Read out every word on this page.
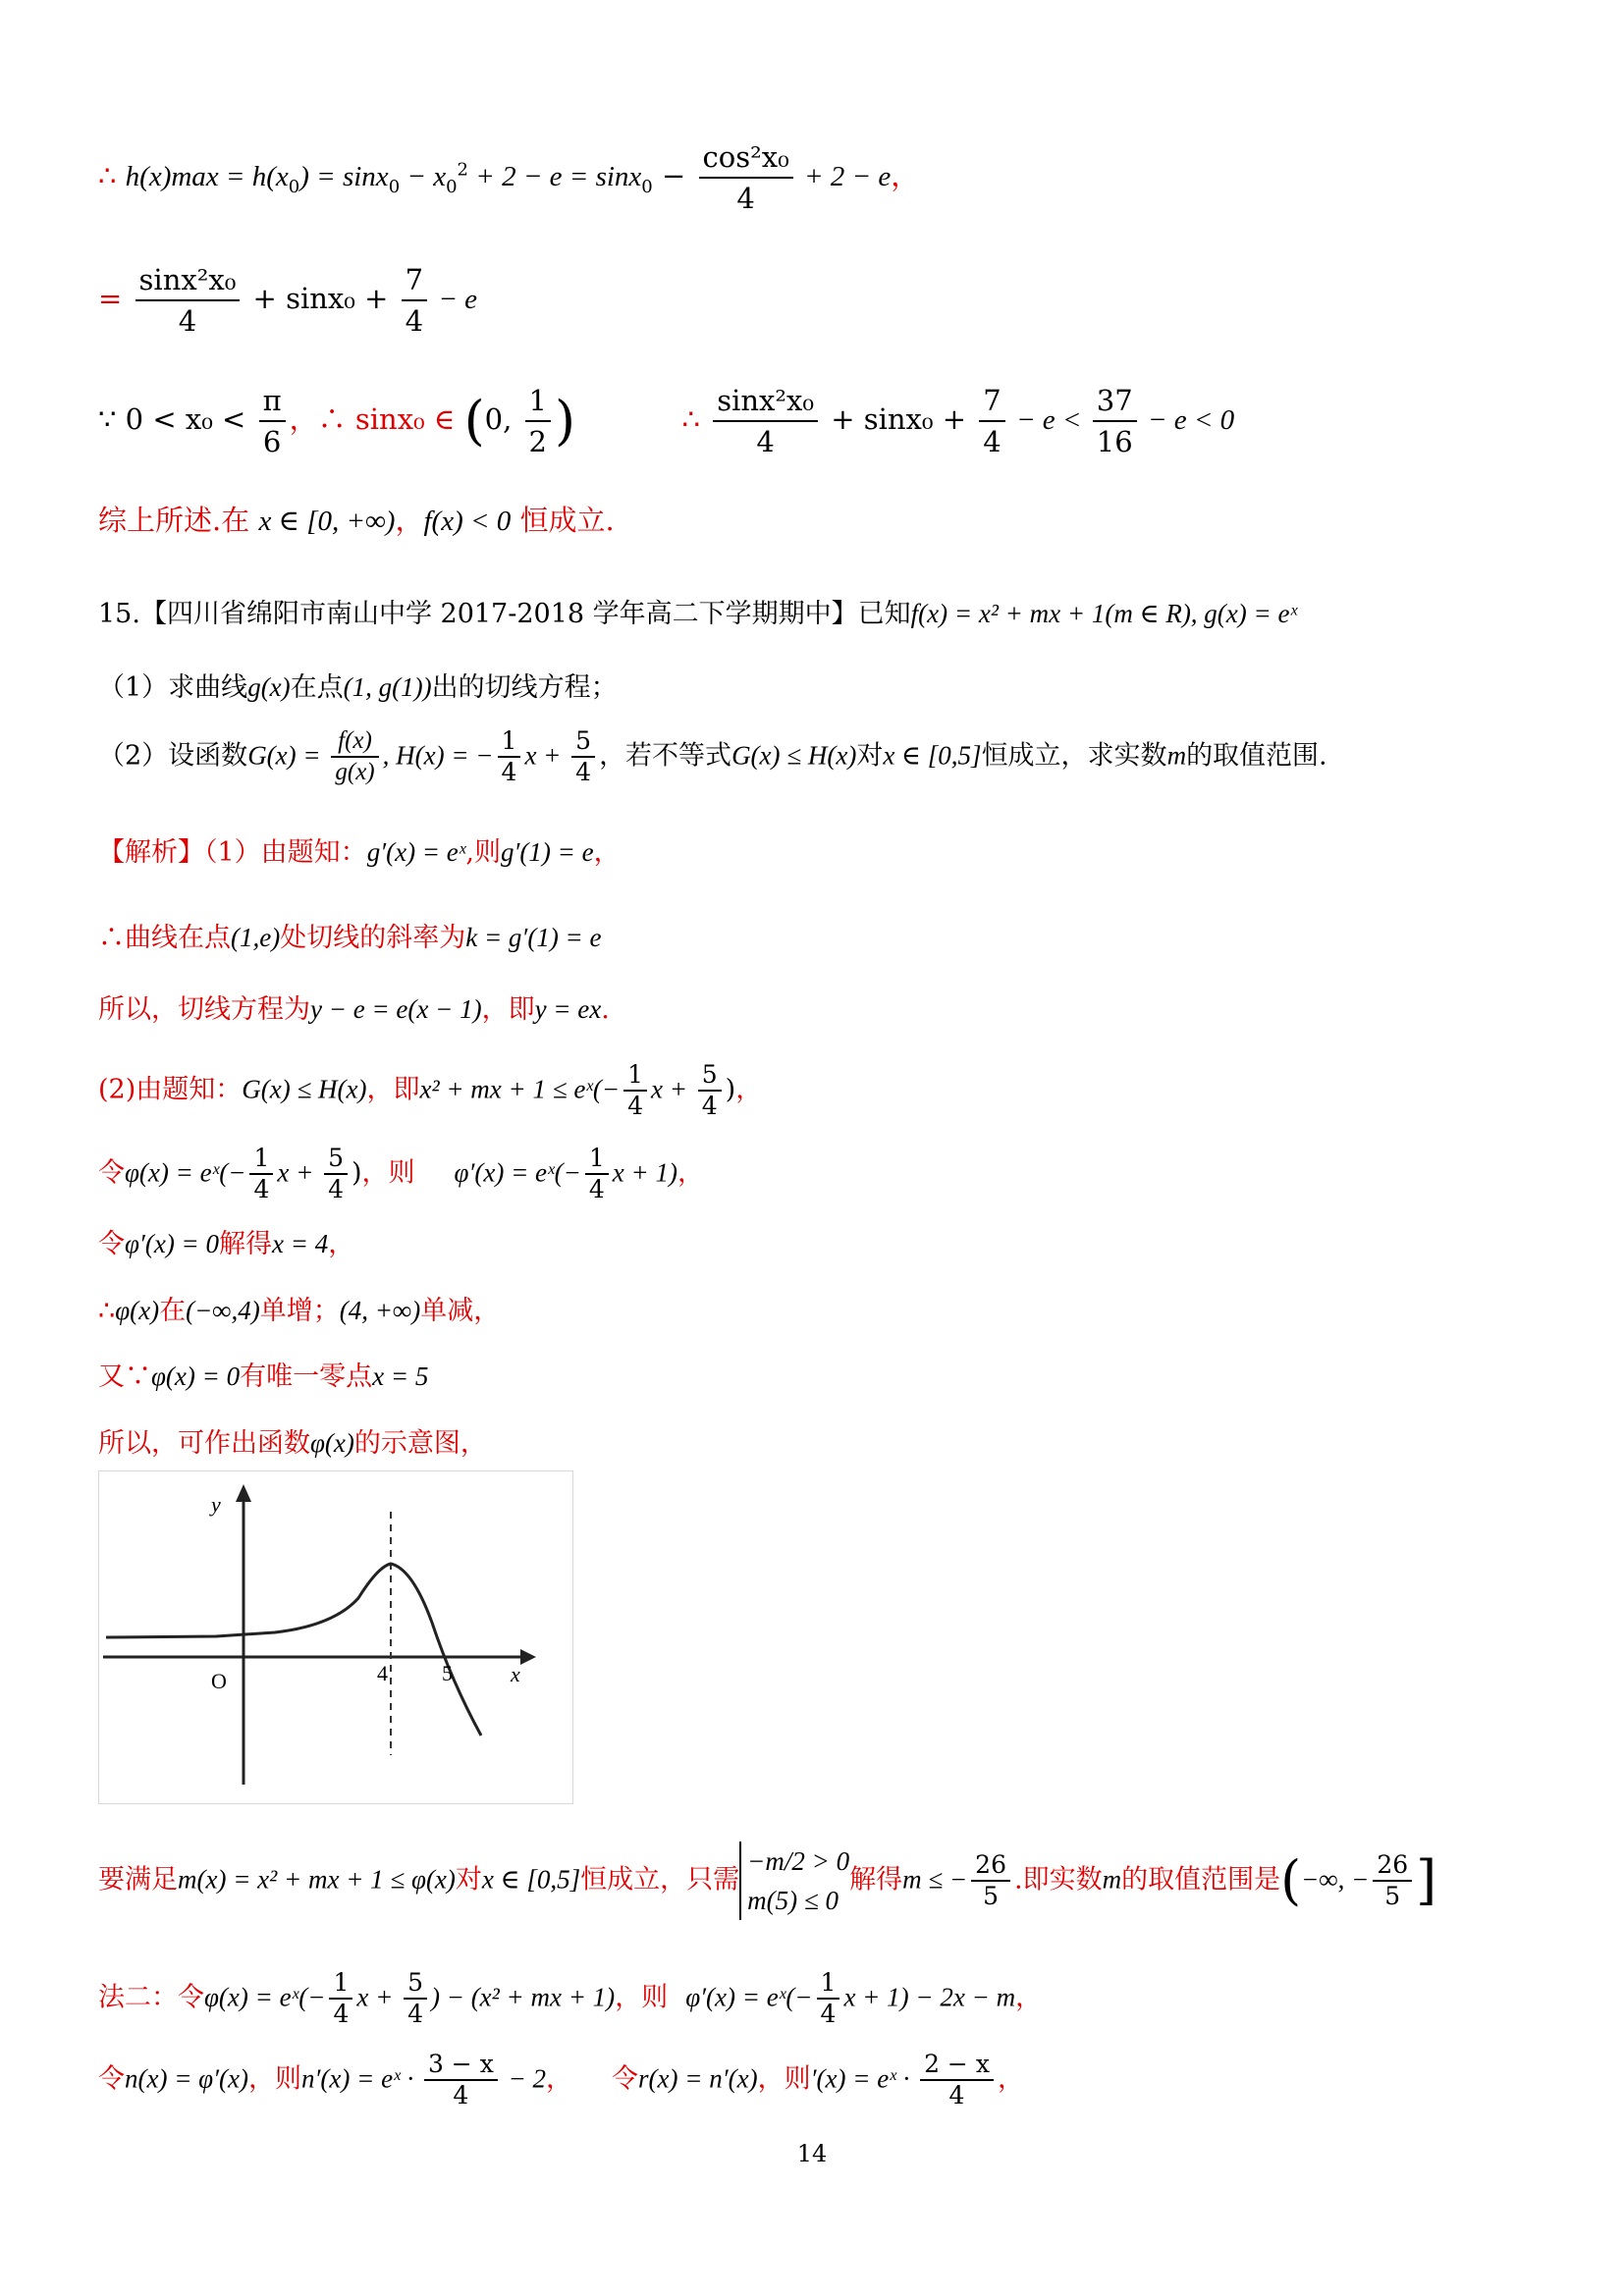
∴ $h(x)\max = h(x_0) = \sin x_0 - x_0^2 + 2 - e = \sin x_0 - \frac{\text{cos²x₀}}{4} + 2 - e$，
= $\frac{\text{sinx²x₀}}{4} + \sin x_0 + \frac{7}{4} - e$
∵ $0 < x_0 < \frac{\pi}{6}$ ，∴ sinx₀ ∈ (0, $\frac{1}{2}$ )	∴ $\frac{\text{sinx²x₀}}{4} + \sin x_0 + \frac{7}{4} - e < \frac{37}{16} - e < 0$
综上所述.在 x ∈ [0, +∞)，f(x) < 0 恒成立.
15.【四川省绵阳市南山中学 2017-2018 学年高二下学期期中】已知f(x) = x² + mx + 1(m ∈ R), g(x) = eˣ
（1）求曲线g(x)在点(1, g(1))出的切线方程；
（2）设函数$G(x) = \frac{f(x)}{g(x)}$ , H(x) = − $\frac{1}{4}$ $x + \frac{5}{4}$ ，若不等式G(x) ≤ H(x)对x ∈ [0,5]恒成立，求实数m的取值范围.
【解析】（1）由题知：g′(x) = eˣ,则g′(1) = e，
∴曲线在点(1,e)处切线的斜率为k = g′(1) = e
所以，切线方程为y − e = e(x − 1)，即y = ex.
(2)由题知：G(x) ≤ H(x)，即x² + mx + 1 ≤ eˣ(− $\frac{1}{4}$ $x + \frac{5}{4}$ )，
令φ(x) = eˣ(− $\frac{1}{4}$ $x + \frac{5}{4}$ )，则 φ′(x) = eˣ(− $\frac{1}{4}$ x + 1)，
令φ′(x) = 0解得x = 4，
∴φ(x)在(−∞,4)单增；(4, +∞)单减，
又∵φ(x) = 0有唯一零点x = 5
所以，可作出函数φ(x)的示意图，
y
x
O	4	5
要满足m(x) = x² + mx + 1 ≤ φ(x)对x ∈ [0,5]恒成立，只需
−m/2 > 0
m(5) ≤ 0
解得m ≤ − $\frac{26}{5}$ .即实数m的取值范围是(−∞, − $\frac{26}{5}$ ]
法二：令φ(x) = eˣ(− $\frac{1}{4}$ $x + \frac{5}{4}$ ) − (x² + mx + 1)，则 φ′(x) = eˣ(− $\frac{1}{4}$ x + 1) − 2x − m，
令n(x) = φ′(x)，则n′(x) = eˣ · $\frac{3 - x}{4} - 2$， 令r(x) = n′(x)，则′(x) = eˣ · $\frac{2 - x}{4}$ ，
14
